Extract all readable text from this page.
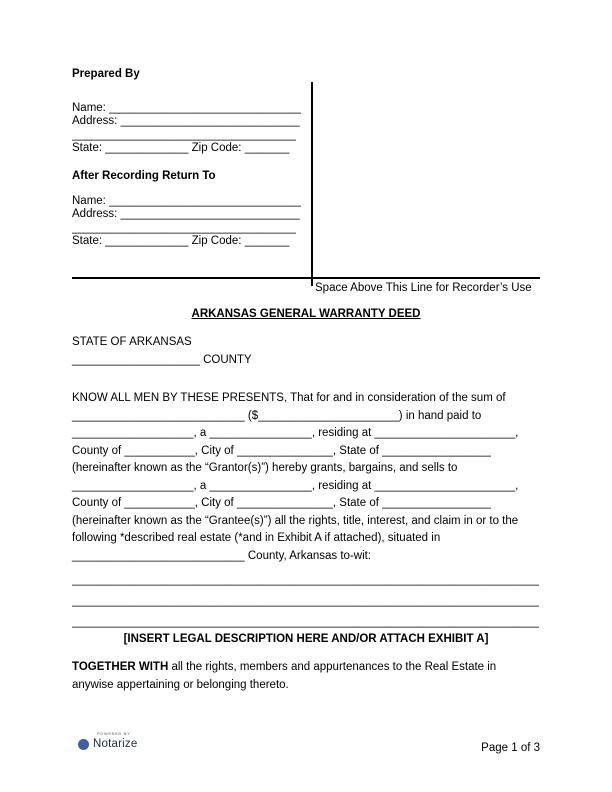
Prepared By
Name: ______________________________
Address: ____________________________
___________________________________
State: _____________ Zip Code: _______
After Recording Return To
Name: ______________________________
Address: ____________________________
___________________________________
State: _____________ Zip Code: _______
Space Above This Line for Recorder’s Use
ARKANSAS GENERAL WARRANTY DEED
STATE OF ARKANSAS
____________________ COUNTY
KNOW ALL MEN BY THESE PRESENTS, That for and in consideration of the sum of
___________________________ ($______________________) in hand paid to
___________________, a ________________, residing at ______________________,
County of ___________, City of _______________, State of _________________
(hereinafter known as the “Grantor(s)”) hereby grants, bargains, and sells to
___________________, a ________________, residing at ______________________,
County of ___________, City of _______________, State of _________________
(hereinafter known as the “Grantee(s)”) all the rights, title, interest, and claim in or to the
following *described real estate (*and in Exhibit A if attached), situated in
___________________________ County, Arkansas to-wit:
_________________________________________________________________________
_________________________________________________________________________
_________________________________________________________________________
[INSERT LEGAL DESCRIPTION HERE AND/OR ATTACH EXHIBIT A]
TOGETHER WITH all the rights, members and appurtenances to the Real Estate in
anywise appertaining or belonging thereto.
POWERED BY
Notarize	Page 1 of 3
